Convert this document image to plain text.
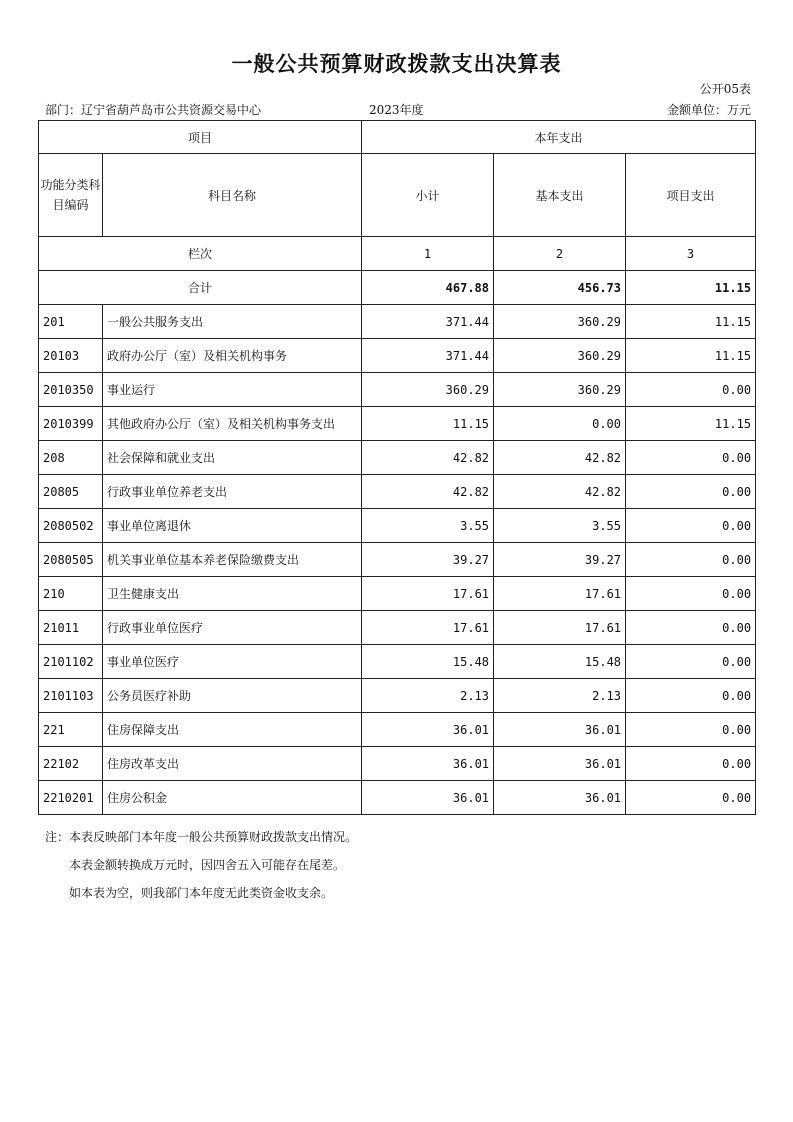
一般公共预算财政拨款支出决算表
公开05表
部门：辽宁省葫芦岛市公共资源交易中心	2023年度	金额单位：万元
项目		本年支出		
功能分类科目编码	科目名称	小计	基本支出	项目支出
栏次		1	2	3
合计		467.88	456.73	11.15
201	一般公共服务支出	371.44	360.29	11.15
20103	政府办公厅（室）及相关机构事务	371.44	360.29	11.15
2010350	事业运行	360.29	360.29	0.00
2010399	其他政府办公厅（室）及相关机构事务支出	11.15	0.00	11.15
208	社会保障和就业支出	42.82	42.82	0.00
20805	行政事业单位养老支出	42.82	42.82	0.00
2080502	事业单位离退休	3.55	3.55	0.00
2080505	机关事业单位基本养老保险缴费支出	39.27	39.27	0.00
210	卫生健康支出	17.61	17.61	0.00
21011	行政事业单位医疗	17.61	17.61	0.00
2101102	事业单位医疗	15.48	15.48	0.00
2101103	公务员医疗补助	2.13	2.13	0.00
221	住房保障支出	36.01	36.01	0.00
22102	住房改革支出	36.01	36.01	0.00
2210201	住房公积金	36.01	36.01	0.00
注：本表反映部门本年度一般公共预算财政拨款支出情况。
本表金额转换成万元时，因四舍五入可能存在尾差。
如本表为空，则我部门本年度无此类资金收支余。
